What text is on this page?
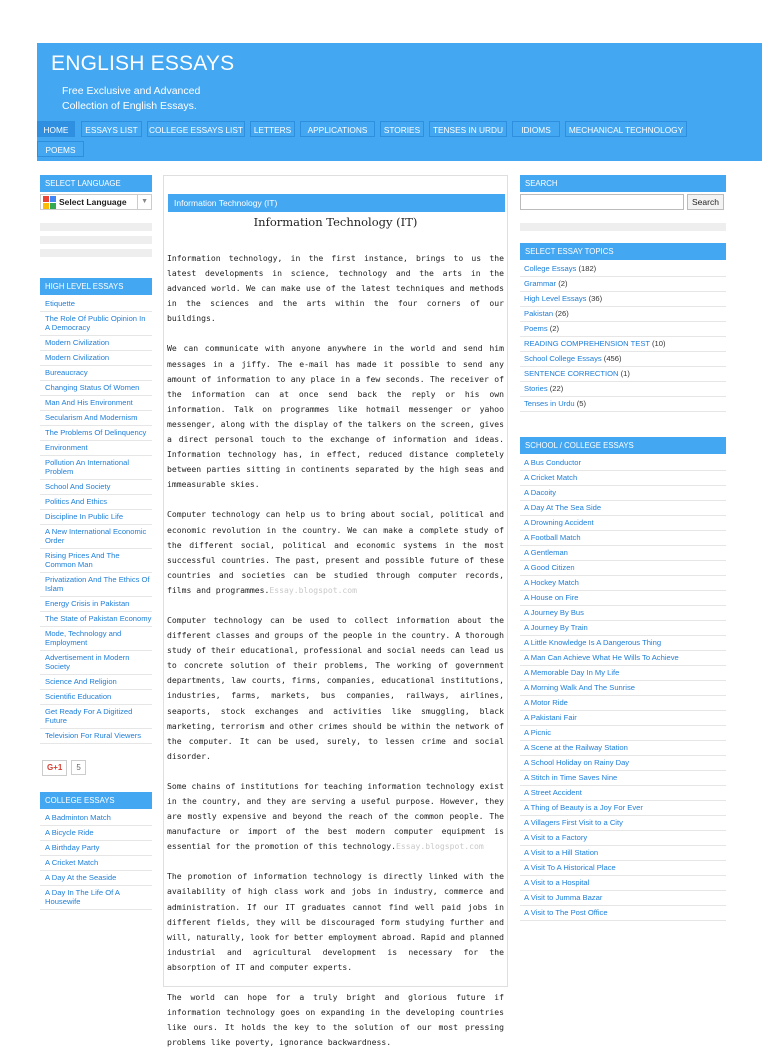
ENGLISH ESSAYS
Free Exclusive and Advanced
Collection of English Essays.
HOME	ESSAYS LIST	COLLEGE ESSAYS LIST	LETTERS	APPLICATIONS	STORIES	TENSES IN URDU	IDIOMS	MECHANICAL TECHNOLOGY
POEMS
SELECT LANGUAGE
Select Language	▼
HIGH LEVEL ESSAYS
Etiquette
The Role Of Public Opinion In A Democracy
Modern Civilization
Modern Civilization
Bureaucracy
Changing Status Of Women
Man And His Environment
Secularism And Modernism
The Problems Of Delinquency
Environment
Pollution An International Problem
School And Society
Politics And Ethics
Discipline In Public Life
A New International Economic Order
Rising Prices And The Common Man
Privatization And The Ethics Of Islam
Energy Crisis in Pakistan
The State of Pakistan Economy
Mode, Technology and Employment
Advertisement in Modern Society
Science And Religion
Scientific Education
Get Ready For A Digitized Future
Television For Rural Viewers
G+1	5
COLLEGE ESSAYS
A Badminton Match
A Bicycle Ride
A Birthday Party
A Cricket Match
A Day At the Seaside
A Day In The Life Of A Housewife
Information Technology (IT)
Information Technology (IT)

Information technology, in the first instance, brings to us the latest developments in science, technology and the arts in the advanced world. We can make use of the latest techniques and methods in the sciences and the arts within the four corners of our buildings.

We can communicate with anyone anywhere in the world and send him messages in a jiffy. The e-mail has made it possible to send any amount of information to any place in a few seconds. The receiver of the information can at once send back the reply or his own information. Talk on programmes like hotmail messenger or yahoo messenger, along with the display of the talkers on the screen, gives a direct personal touch to the exchange of information and ideas. Information technology has, in effect, reduced distance completely between parties sitting in continents separated by the high seas and immeasurable skies.

Computer technology can help us to bring about social, political and economic revolution in the country. We can make a complete study of the different social, political and economic systems in the most successful countries. The past, present and possible future of these countries and societies can be studied through computer records, films and programmes.Essay.blogspot.com

Computer technology can be used to collect information about the different classes and groups of the people in the country. A thorough study of their educational, professional and social needs can lead us to concrete solution of their problems, The working of government departments, law courts, firms, companies, educational institutions, industries, farms, markets, bus companies, railways, airlines, seaports, stock exchanges and activities like smuggling, black marketing, terrorism and other crimes should be within the network of the computer. It can be used, surely, to lessen crime and social disorder.

Some chains of institutions for teaching information technology exist in the country, and they are serving a useful purpose. However, they are mostly expensive and beyond the reach of the common people. The manufacture or import of the best modern computer equipment is essential for the promotion of this technology.Essay.blogspot.com

The promotion of information technology is directly linked with the availability of high class work and jobs in industry, commerce and administration. If our IT graduates cannot find well paid jobs in different fields, they will be discouraged form studying further and will, naturally, look for better employment abroad. Rapid and planned industrial and agricultural development is necessary for the absorption of IT and computer experts.

The world can hope for a truly bright and glorious future if information technology goes on expanding in the developing countries like ours. It holds the key to the solution of our most pressing problems like poverty, ignorance backwardness.

SEARCH
Search
SELECT ESSAY TOPICS
College Essays (182)
Grammar (2)
High Level Essays (36)
Pakistan (26)
Poems (2)
READING COMPREHENSION TEST (10)
School College Essays (456)
SENTENCE CORRECTION (1)
Stories (22)
Tenses in Urdu (5)
SCHOOL / COLLEGE ESSAYS
A Bus Conductor
A Cricket Match
A Dacoity
A Day At The Sea Side
A Drowning Accident
A Football Match
A Gentleman
A Good Citizen
A Hockey Match
A House on Fire
A Journey By Bus
A Journey By Train
A Little Knowledge Is A Dangerous Thing
A Man Can Achieve What He Wills To Achieve
A Memorable Day In My Life
A Morning Walk And The Sunrise
A Motor Ride
A Pakistani Fair
A Picnic
A Scene at the Railway Station
A School Holiday on Rainy Day
A Stitch in Time Saves Nine
A Street Accident
A Thing of Beauty is a Joy For Ever
A Villagers First Visit to a City
A Visit to a Factory
A Visit to a Hill Station
A Visit To A Historical Place
A Visit to a Hospital
A Visit to Jumma Bazar
A Visit to The Post Office
